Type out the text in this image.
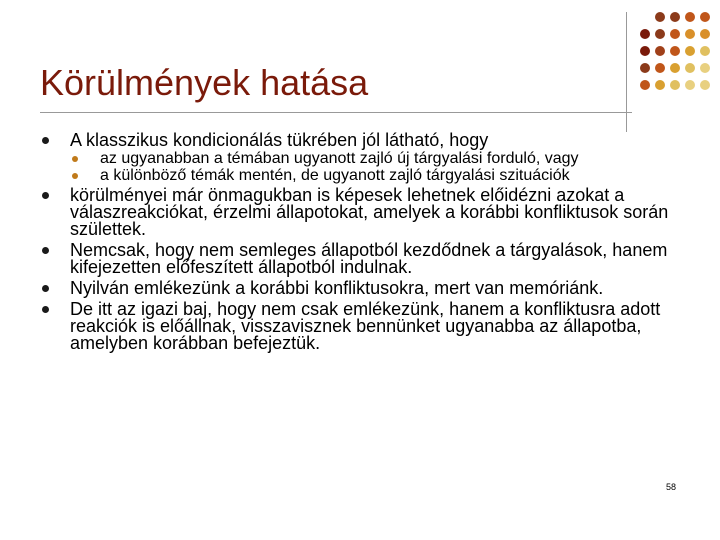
Körülmények hatása
A klasszikus kondicionálás tükrében jól látható, hogy
az ugyanabban a témában ugyanott zajló új tárgyalási forduló, vagy
a különböző témák mentén, de ugyanott zajló tárgyalási szituációk
körülményei már önmagukban is képesek lehetnek előidézni azokat a válaszreakciókat, érzelmi állapotokat, amelyek a korábbi konfliktusok során születtek.
Nemcsak, hogy nem semleges állapotból kezdődnek a tárgyalások, hanem kifejezetten előfeszített állapotból indulnak.
Nyilván emlékezünk a korábbi konfliktusokra, mert van memóriánk.
De itt az igazi baj, hogy nem csak emlékezünk, hanem a konfliktusra adott reakciók is előállnak, visszavisznek bennünket ugyanabba az állapotba, amelyben korábban befejeztük.
58
